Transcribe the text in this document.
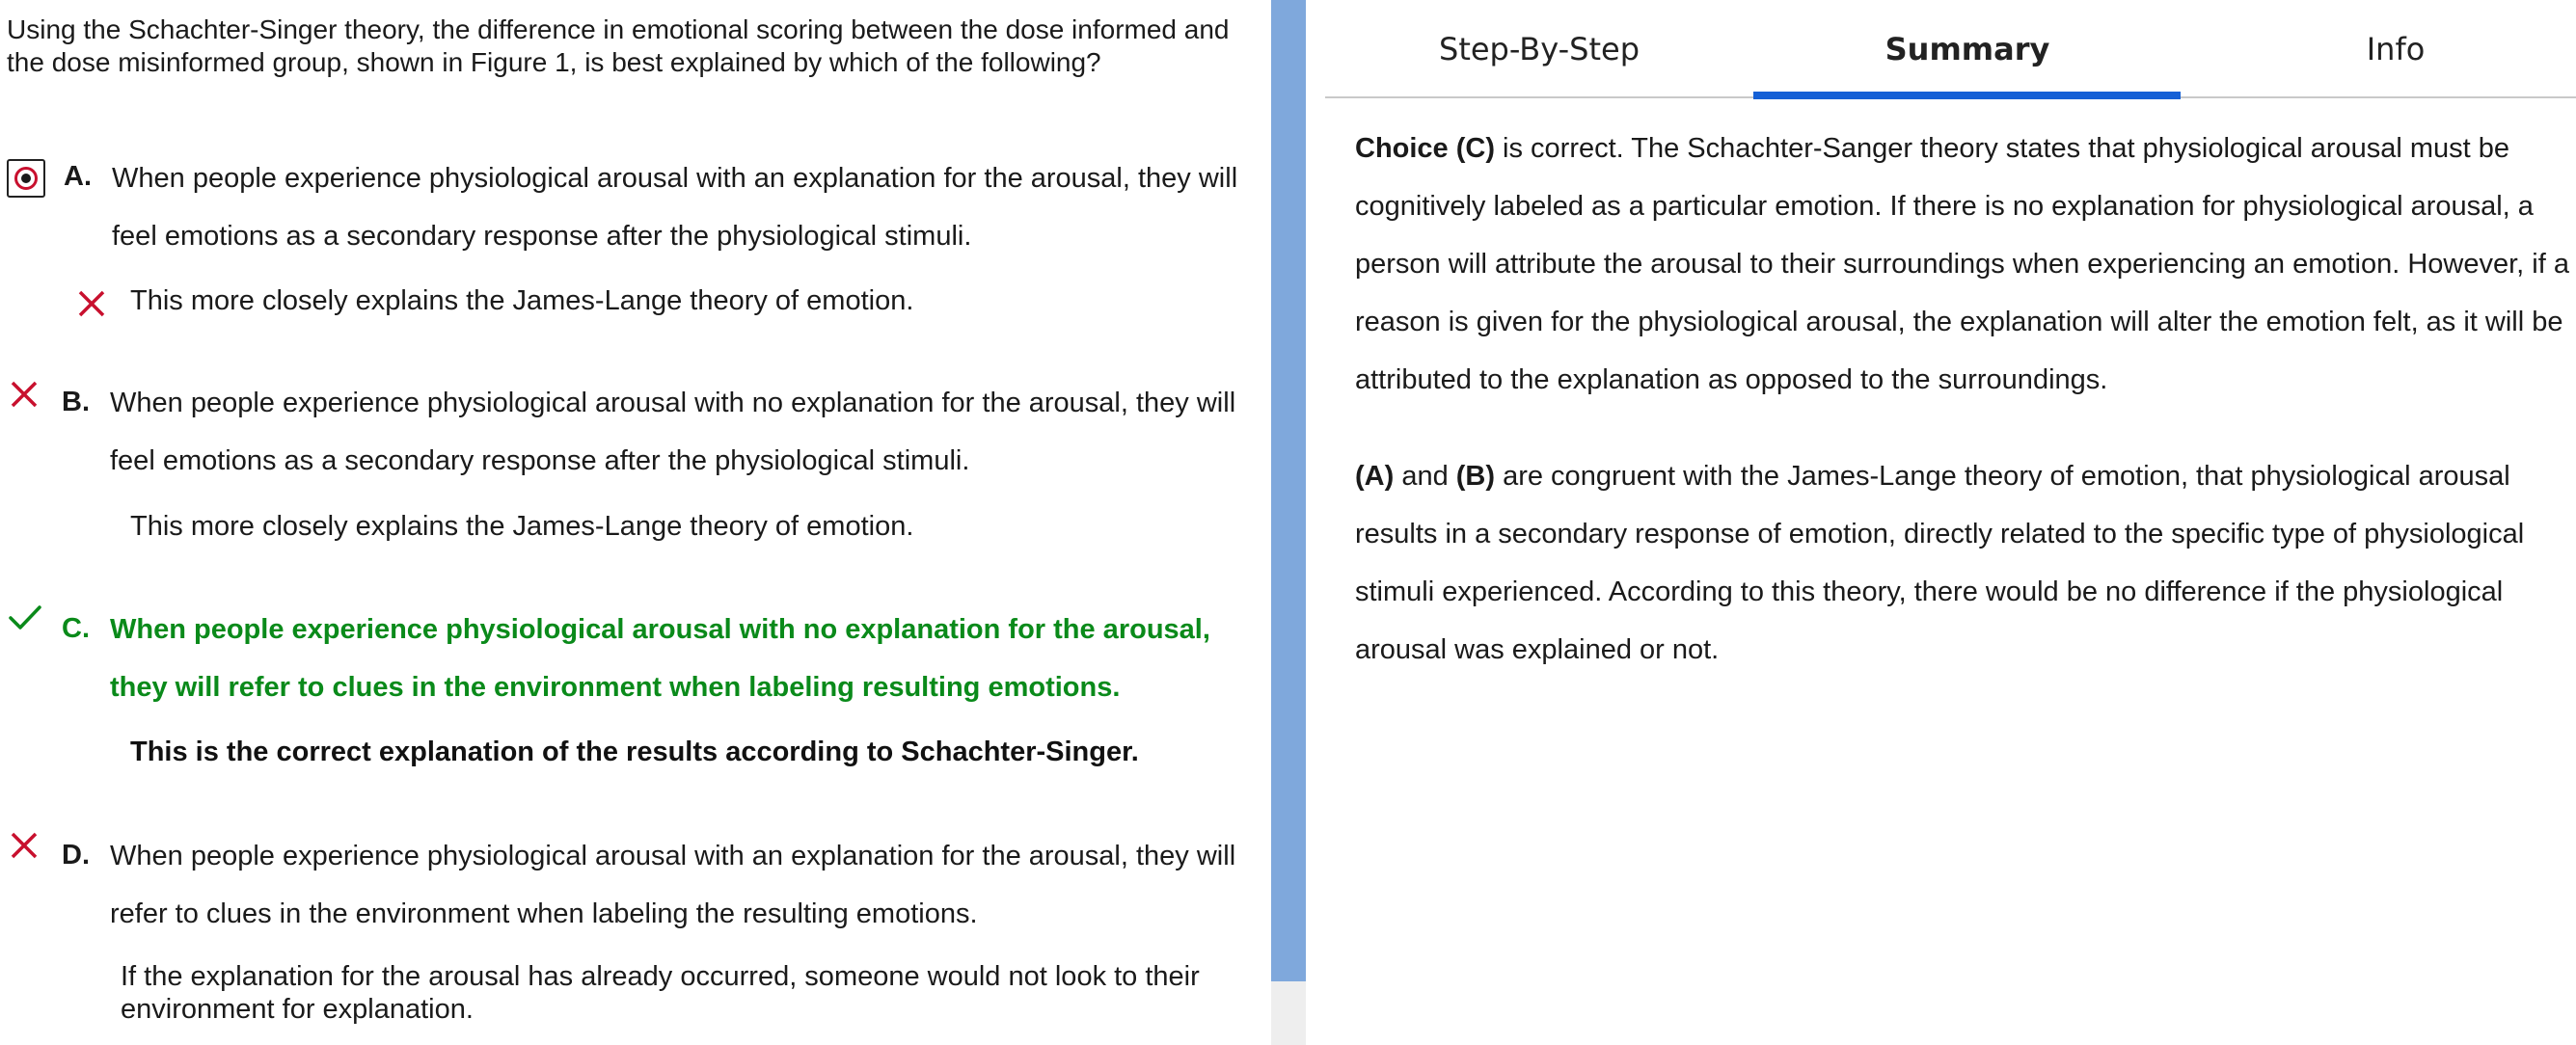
Using the Schachter-Singer theory, the difference in emotional scoring between the dose informed and the dose misinformed group, shown in Figure 1, is best explained by which of the following?
A. When people experience physiological arousal with an explanation for the arousal, they will feel emotions as a secondary response after the physiological stimuli.
This more closely explains the James-Lange theory of emotion.
B. When people experience physiological arousal with no explanation for the arousal, they will feel emotions as a secondary response after the physiological stimuli.
This more closely explains the James-Lange theory of emotion.
C. When people experience physiological arousal with no explanation for the arousal, they will refer to clues in the environment when labeling resulting emotions.
This is the correct explanation of the results according to Schachter-Singer.
D. When people experience physiological arousal with an explanation for the arousal, they will refer to clues in the environment when labeling the resulting emotions.
If the explanation for the arousal has already occurred, someone would not look to their environment for explanation.
Step-By-Step	Summary	Info
Choice (C) is correct. The Schachter-Sanger theory states that physiological arousal must be cognitively labeled as a particular emotion. If there is no explanation for physiological arousal, a person will attribute the arousal to their surroundings when experiencing an emotion. However, if a reason is given for the physiological arousal, the explanation will alter the emotion felt, as it will be attributed to the explanation as opposed to the surroundings.
(A) and (B) are congruent with the James-Lange theory of emotion, that physiological arousal results in a secondary response of emotion, directly related to the specific type of physiological stimuli experienced. According to this theory, there would be no difference if the physiological arousal was explained or not.
